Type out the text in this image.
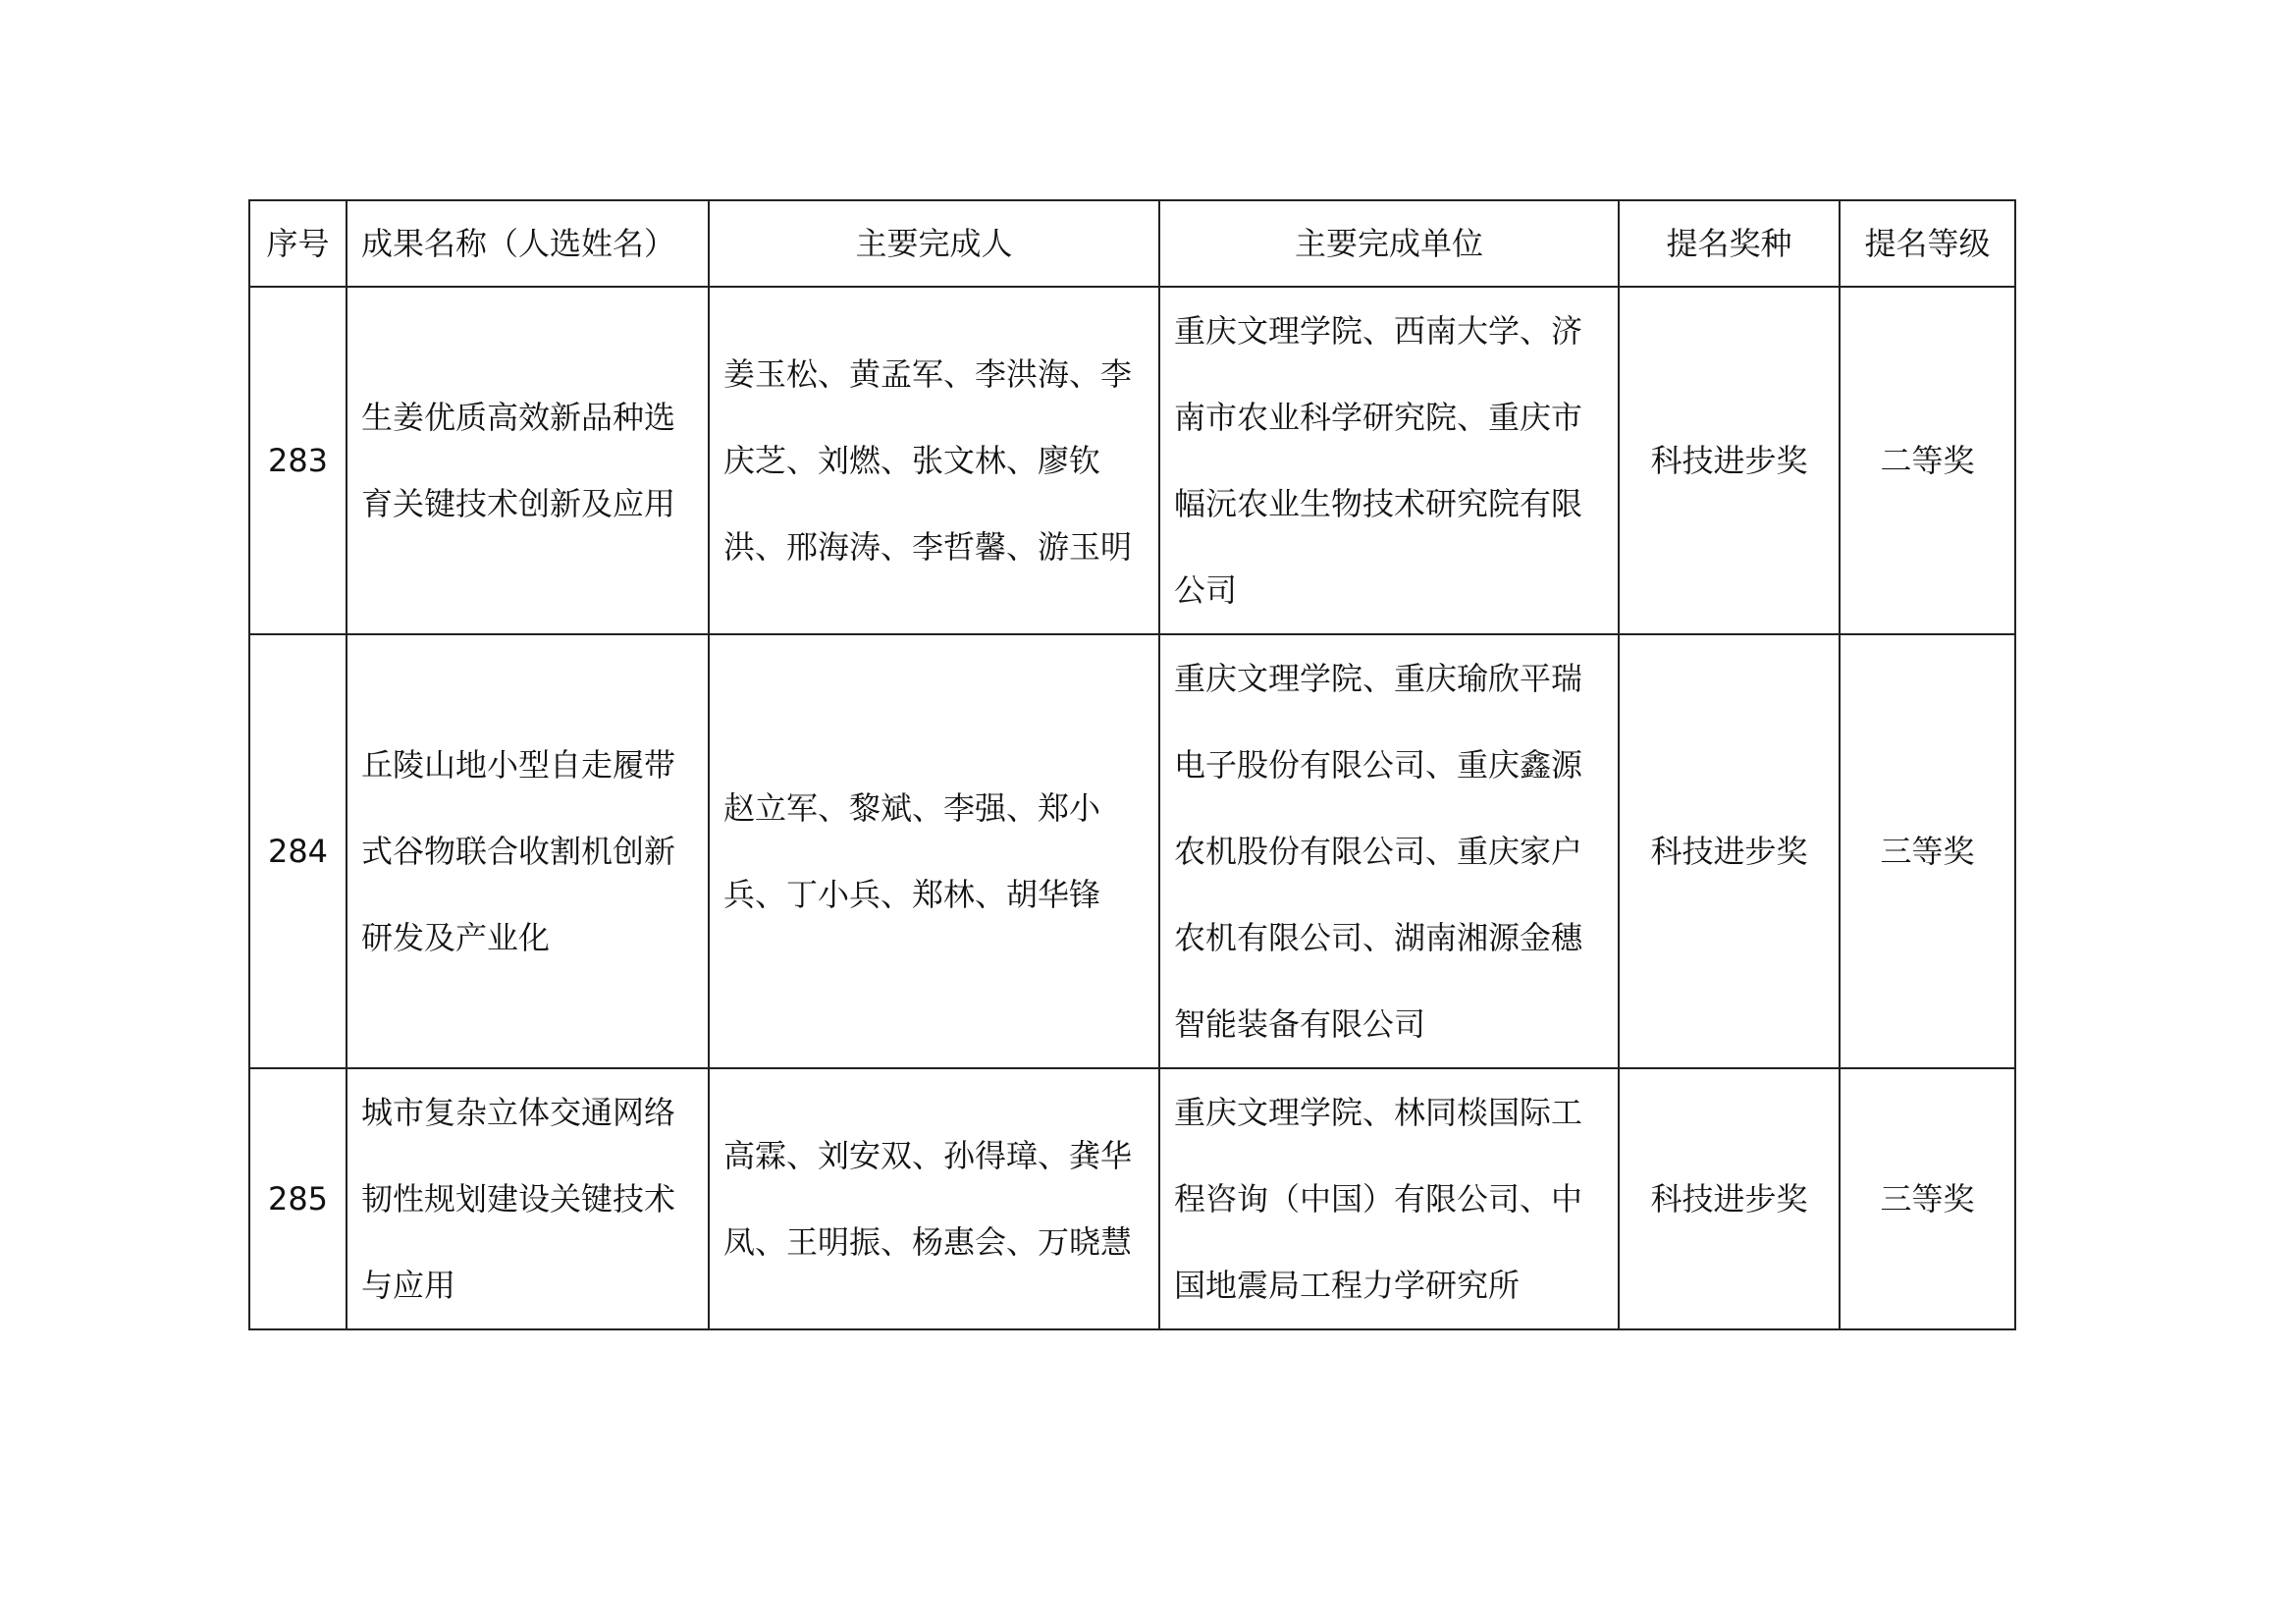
序号	成果名称（人选姓名）	主要完成人	主要完成单位	提名奖种	提名等级
283	生姜优质高效新品种选育关键技术创新及应用	姜玉松、黄孟军、李洪海、李庆芝、刘燃、张文林、廖钦洪、邢海涛、李哲馨、游玉明	重庆文理学院、西南大学、济南市农业科学研究院、重庆市幅沅农业生物技术研究院有限公司	科技进步奖	二等奖
284	丘陵山地小型自走履带式谷物联合收割机创新研发及产业化	赵立军、黎斌、李强、郑小兵、丁小兵、郑林、胡华锋	重庆文理学院、重庆瑜欣平瑞电子股份有限公司、重庆鑫源农机股份有限公司、重庆家户农机有限公司、湖南湘源金穗智能装备有限公司	科技进步奖	三等奖
285	城市复杂立体交通网络韧性规划建设关键技术与应用	高霖、刘安双、孙得璋、龚华凤、王明振、杨惠会、万晓慧	重庆文理学院、林同棪国际工程咨询（中国）有限公司、中国地震局工程力学研究所	科技进步奖	三等奖
